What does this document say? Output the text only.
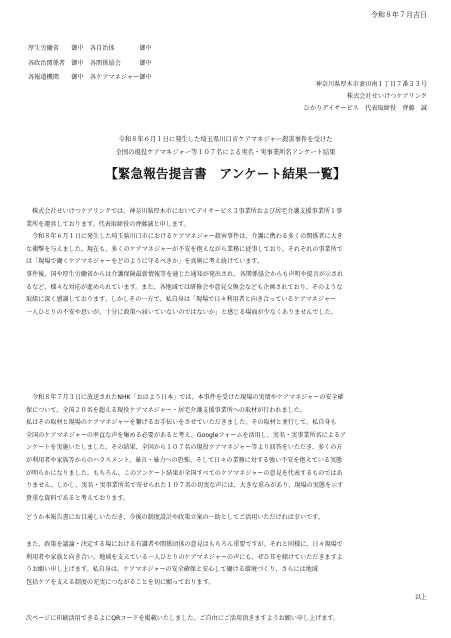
令和８年７月吉日
厚生労働省　　御中　各自治体　　　　御中
各政治関係者　御中　各関係協会　　　御中
各報道機関　　御中　各ケアマネジャー御中
神奈川県厚木市妻田南１丁目７番３３号
株式会社せいけつケアリンク
ひかりデイサービス　代表取締役　齊藤　誠
令和８年６月１日に発生した埼玉県川口市ケアマネジャー殺害事件を受けた
全国の現役ケアマネジャー等１０７名による実名・実事業所名アンケート結果
【緊急報告提言書　アンケート結果一覧】
　株式会社せいけつケアリンクでは、神奈川県厚木市においてデイサービス３事業所および居宅介護支援事業所１事
業所を運営しております。代表取締役の齊藤誠と申します。
　令和８年６月１日に発生した埼玉県川口市におけるケアマネジャー殺害事件は、介護に携わる多くの関係者に大き
な衝撃を与えました。現在も、多くのケアマネジャーが不安を抱えながら業務に従事しており、それぞれの事業所で
は「現場で働くケアマネジャーをどのように守るべきか」を真剣に考え続けています。
事件後、国や厚生労働省からは介護保険最新情報等を通じた通知が発出され、各関係協会からも声明や提言が示され
るなど、様々な対応が進められています。また、各地域では研修会や意見交換会なども企画されており、そのような
取組に深く感謝しております。しかしその一方で、私自身は「現場で日々利用者と向き合っているケアマネジャー
一人ひとりの不安や思いが、十分に政策へ届いていないのではないか」と感じる場面が少なくありませんでした。
　令和８年７月３日に放送されたNHK「おはよう日本」では、本事件を受けた現場の実情やケアマネジャーの安全確
保について、全国２０名を超える現役ケアマネジャー・居宅介護支援事業所への取材が行われました。
私はその取材と現場のケアマネジャーを繋げるお手伝いをさせていただきました。その取材と並行して、私自身も
全国のケアマネジャーの率直な声を集める必要があると考え、Googleフォームを活用し、実名・実事業所名によるア
ンケートを実施いたしました。その結果、全国から１０７名の現役ケアマネジャー等より回答をいただき、多くの方
が利用者や家族等からのハラスメント、暴言・暴力への恐怖、そして日々の業務に対する強い不安を抱えている実態
が明らかになりました。もちろん、このアンケート結果が全国すべてのケアマネジャーの意見を代表するものではあ
りません。しかし、実名・実事業所名で寄せられた１０７名の切実な声には、大きな重みがあり、現場の実態を示す
貴重な資料であると考えております。
どうか本報告書にお目通しいただき、今後の制度設計や政策立案の一助としてご活用いただければ幸いです。
また、政策を議論・決定する場における有識者や関係団体の意見はもちろん重要ですが、それと同様に、日々現場で
利用者や家族と向き合い、地域を支えている一人ひとりのケアマネジャーの声にも、ぜひ耳を傾けていただきますよ
うお願い申し上げます。私自身は、ケアマネジャーの安全確保と安心して働ける環境づくり、さらには地域
包括ケアを支える制度の充実につながることを切に願っております。
以上
次ページに印刷活用できるよにQRコードを掲載いたしました。ご自由にご活用頂きますようお願い申し上げます。
